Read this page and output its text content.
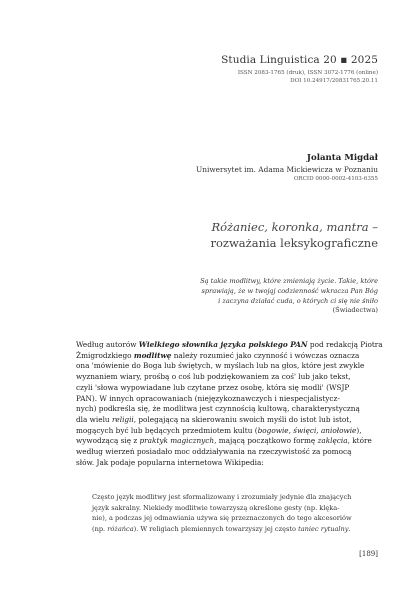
Studia Linguistica 20 ▪ 2025
ISSN 2083-1765 (druk), ISSN 3072-1776 (online)
DOI 10.24917/20831765.20.11
Jolanta Migdał
Uniwersytet im. Adama Mickiewicza w Poznaniu
ORCID 0000-0002-4103-6355
Różaniec, koronka, mantra –
rozważania leksykograficzne
Są takie modlitwy, które zmieniają życie. Takie, które
sprawiają, że w twojąj codzienność wkracza Pan Bóg
i zaczyna działać cuda, o których ci się nie śniło
(Świadectwa)
Według autorów Wielkiego słownika języka polskiego PAN pod redakcją Piotra
Żmigrodzkiego modlitwę należy rozumieć jako czynność i wówczas oznacza
ona 'mówienie do Boga lub świętych, w myślach lub na głos, które jest zwykle
wyznaniem wiary, prośbą o coś lub podziękowaniem za coś' lub jako tekst,
czyli 'słowa wypowiadane lub czytane przez osobę, która się modli' (WSJP
PAN). W innych opracowaniach (niejęzykoznawczych i niespecjalistycz-
nych) podkreśla się, że modlitwa jest czynnością kultową, charakterystyczną
dla wielu religii, polegającą na skierowaniu swoich myśli do istot lub istot,
mogących być lub będących przedmiotem kultu (bogowie, święci, aniołowie),
wywodzącą się z praktyk magicznych, mającą początkowo formę zaklęcia, które
według wierzeń posiadało moc oddziaływania na rzeczywistość za pomocą
słów. Jak podaje popularna internetowa Wikipedia:
Często język modlitwy jest sformalizowany i zrozumiały jedynie dla znających
język sakralny. Niekiedy modlitwie towarzyszą określone gesty (np. klęka-
nie), a podczas jej odmawiania używa się przeznaczonych do tego akcesoriów
(np. różańca). W religiach plemiennych towarzyszy jej często taniec rytualny.
[189]
